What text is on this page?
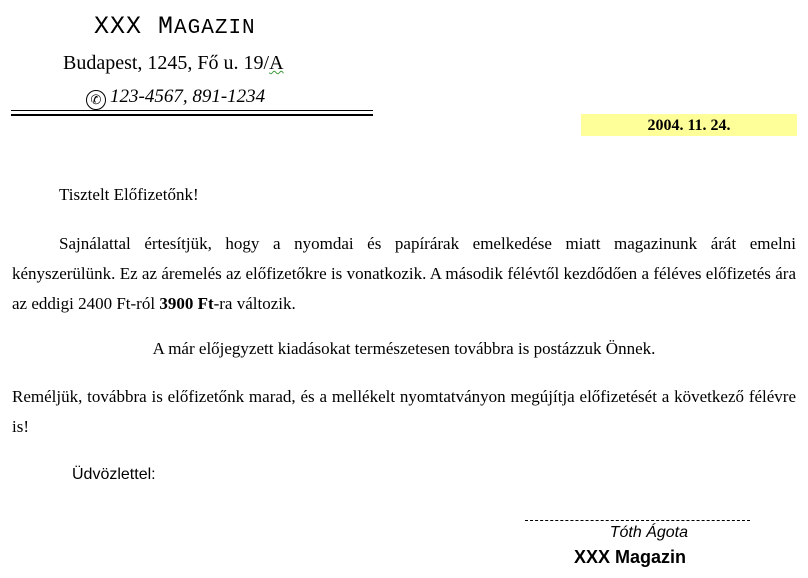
XXX MAGAZIN
Budapest, 1245, Fő u. 19/A
✆ 123-4567, 891-1234
2004. 11. 24.
Tisztelt Előfizetőnk!
Sajnálattal értesítjük, hogy a nyomdai és papírárak emelkedése miatt magazinunk árát emelni kényszerülünk. Ez az áremelés az előfizetőkre is vonatkozik. A második félévtől kezdődően a féléves előfizetés ára az eddigi 2400 Ft-ról 3900 Ft-ra változik.
A már előjegyzett kiadásokat természetesen továbbra is postázzuk Önnek.
Reméljük, továbbra is előfizetőnk marad, és a mellékelt nyomtatványon megújítja előfizetését a következő félévre is!
Üdvözlettel:
Tóth Ágota
XXX Magazin
